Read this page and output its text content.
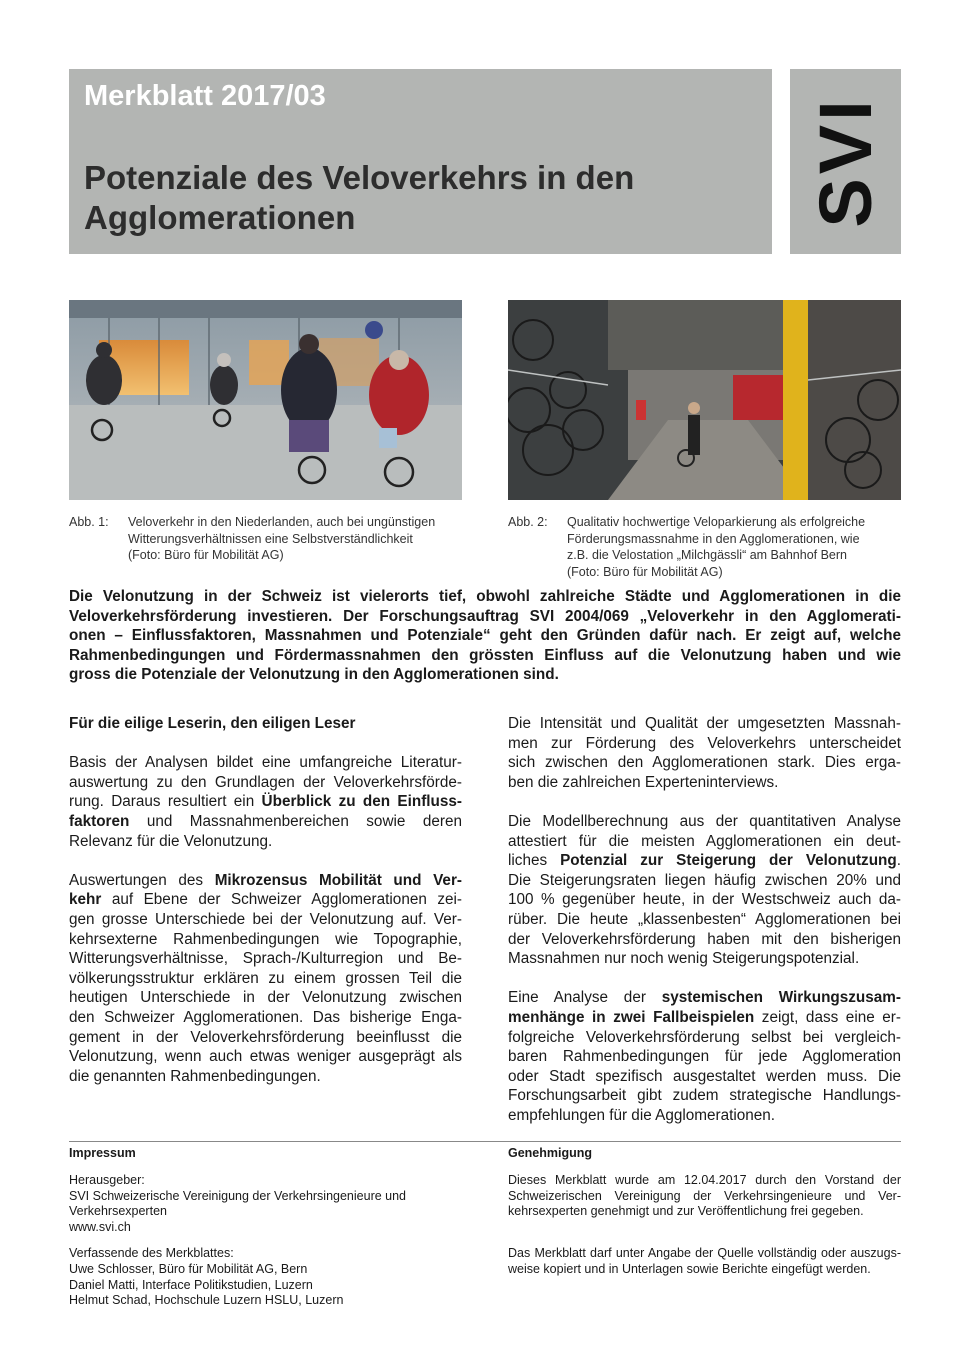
Merkblatt 2017/03
Potenziale des Veloverkehrs in den
Agglomerationen	SVI
Abb. 1:	Veloverkehr in den Niederlanden, auch bei ungünstigen
Witterungsverhältnissen eine Selbstverständlichkeit
(Foto: Büro für Mobilität AG)
Abb. 2:	Qualitativ hochwertige Veloparkierung als erfolgreiche
Förderungsmassnahme in den Agglomerationen, wie
z.B. die Velostation „Milchgässli“ am Bahnhof Bern
(Foto: Büro für Mobilität AG)
Die Velonutzung in der Schweiz ist vielerorts tief, obwohl zahlreiche Städte und Agglomerationen in die
Veloverkehrsförderung investieren. Der Forschungsauftrag SVI 2004/069 „Veloverkehr in den Agglomerati-
onen – Einflussfaktoren, Massnahmen und Potenziale“ geht den Gründen dafür nach. Er zeigt auf, welche
Rahmenbedingungen und Fördermassnahmen den grössten Einfluss auf die Velonutzung haben und wie
gross die Potenziale der Velonutzung in den Agglomerationen sind.
Für die eilige Leserin, den eiligen Leser

Basis der Analysen bildet eine umfangreiche Literatur-
auswertung zu den Grundlagen der Veloverkehrsförde-
rung. Daraus resultiert ein Überblick zu den Einfluss-
faktoren und Massnahmenbereichen sowie deren
Relevanz für die Velonutzung.

Auswertungen des Mikrozensus Mobilität und Ver-
kehr auf Ebene der Schweizer Agglomerationen zei-
gen grosse Unterschiede bei der Velonutzung auf. Ver-
kehrsexterne Rahmenbedingungen wie Topographie,
Witterungsverhältnisse, Sprach-/Kulturregion und Be-
völkerungsstruktur erklären zu einem grossen Teil die
heutigen Unterschiede in der Velonutzung zwischen
den Schweizer Agglomerationen. Das bisherige Enga-
gement in der Veloverkehrsförderung beeinflusst die
Velonutzung, wenn auch etwas weniger ausgeprägt als
die genannten Rahmenbedingungen.

Die Intensität und Qualität der umgesetzten Massnah-
men zur Förderung des Veloverkehrs unterscheidet
sich zwischen den Agglomerationen stark. Dies erga-
ben die zahlreichen Experteninterviews.

Die Modellberechnung aus der quantitativen Analyse
attestiert für die meisten Agglomerationen ein deut-
liches Potenzial zur Steigerung der Velonutzung.
Die Steigerungsraten liegen häufig zwischen 20% und
100 % gegenüber heute, in der Westschweiz auch da-
rüber. Die heute „klassenbesten“ Agglomerationen bei
der Veloverkehrsförderung haben mit den bisherigen
Massnahmen nur noch wenig Steigerungspotenzial.

Eine Analyse der systemischen Wirkungszusam-
menhänge in zwei Fallbeispielen zeigt, dass eine er-
folgreiche Veloverkehrsförderung selbst bei vergleich-
baren Rahmenbedingungen für jede Agglomeration
oder Stadt spezifisch ausgestaltet werden muss. Die
Forschungsarbeit gibt zudem strategische Handlungs-
empfehlungen für die Agglomerationen.

Impressum
Herausgeber:
SVI Schweizerische Vereinigung der Verkehrsingenieure und
Verkehrsexperten
www.svi.ch
Verfassende des Merkblattes:
Uwe Schlosser, Büro für Mobilität AG, Bern
Daniel Matti, Interface Politikstudien, Luzern
Helmut Schad, Hochschule Luzern HSLU, Luzern
Genehmigung
Dieses Merkblatt wurde am 12.04.2017 durch den Vorstand der
Schweizerischen Vereinigung der Verkehrsingenieure und Ver-
kehrsexperten genehmigt und zur Veröffentlichung frei gegeben.
Das Merkblatt darf unter Angabe der Quelle vollständig oder auszugs-
weise kopiert und in Unterlagen sowie Berichte eingefügt werden.
